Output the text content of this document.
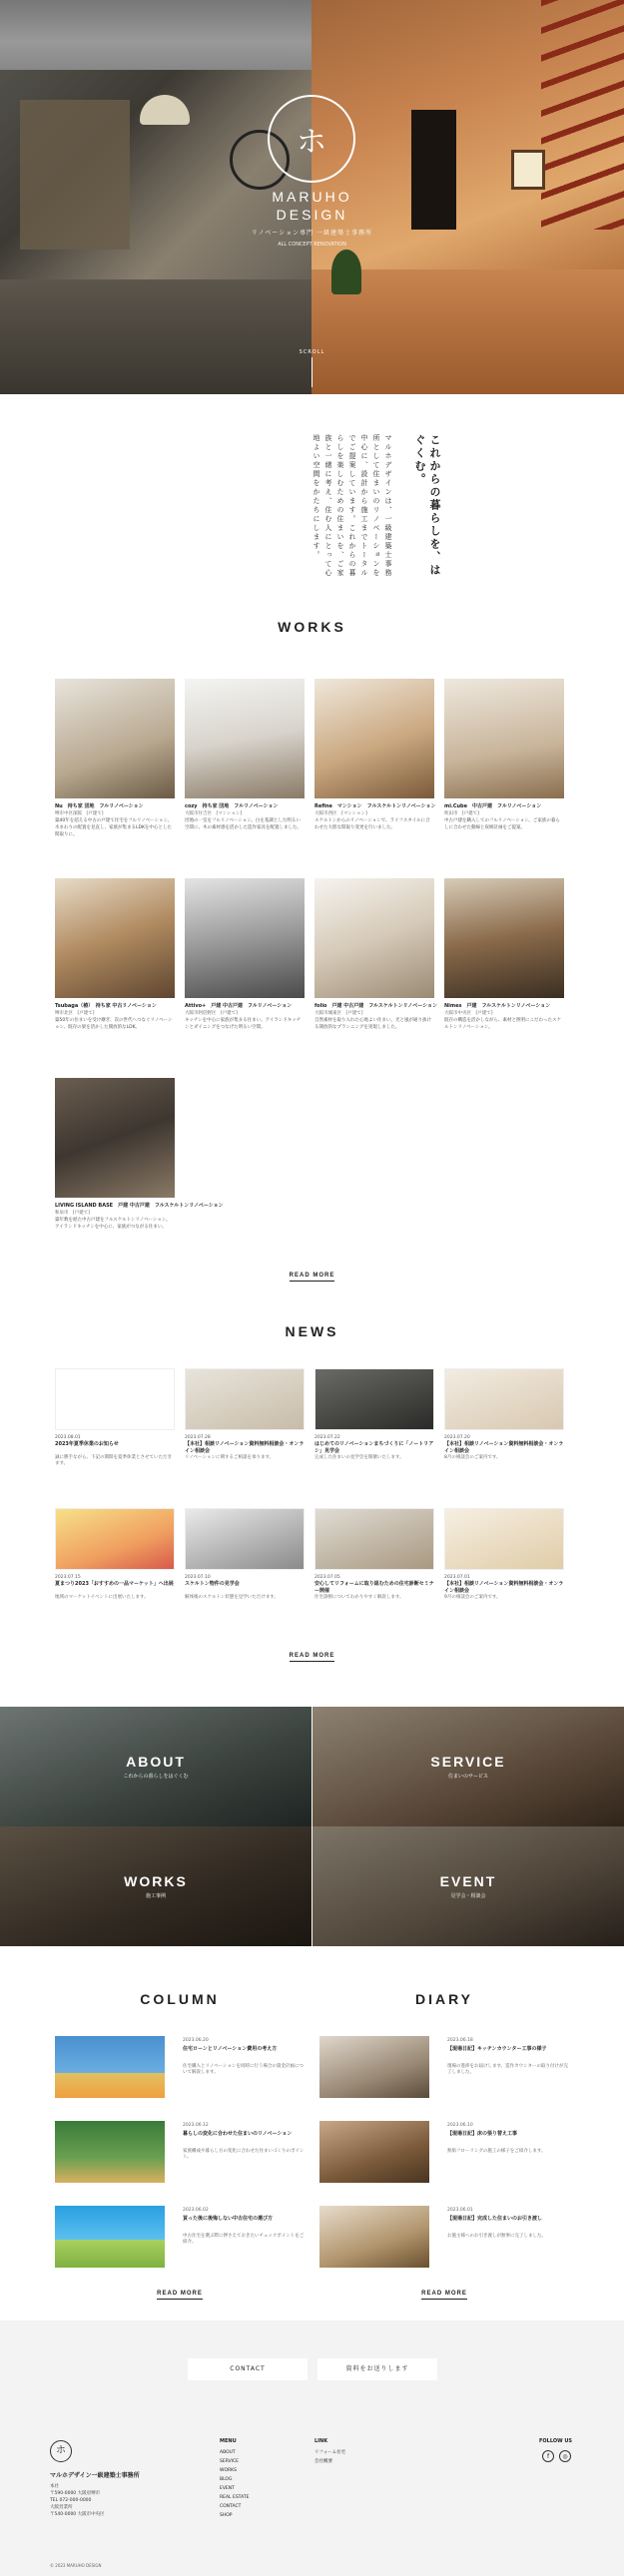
ホ
MARUHO
DESIGN
リノベーション専門 一級建築士事務所
ALL CONCEPT RENOVATION
SCROLL
これからの暮らしを、はぐくむ。
マルホデザインは、一級建築士事務所として住まいのリノベーションを中心に、設計から施工までトータルでご提案しています。これからの暮らしを楽しむための住まいを、ご家族と一緒に考え、住む人にとって心地よい空間をかたちにします。
WORKS
Nu　持ち家 団地　フルリノベーション
堺市中区深阪　[戸建て]
築40年を超える中古の戸建て住宅をフルリノベーション。水まわりの配置を見直し、家族が集まるLDKを中心とした間取りに。
cozy　持ち家 団地　フルリノベーション
大阪市住吉区　[マンション]
団地の一室をフルリノベーション。白を基調とした明るい空間に、木の素材感を活かした造作家具を配置しました。
Refine　マンション　フルスケルトンリノベーション
大阪市西区　[マンション]
スケルトンからのリノベーションで、ライフスタイルに合わせた大胆な間取り変更を行いました。
mi.Cube　中古戸建　フルリノベーション
吹田市　[戸建て]
中古戸建を購入してのフルリノベーション。ご家族の暮らしに合わせた動線と収納計画をご提案。
Tsubaga（椿）　持ち家 中古リノベーション
堺市北区　[戸建て]
築50年の住まいを受け継ぎ、次の世代へつなぐリノベーション。既存の梁を活かした開放的なLDK。
Attivo+　戸建 中古戸建　フルリノベーション
大阪市阿倍野区　[戸建て]
キッチンを中心に家族が集まる住まい。アイランドキッチンとダイニングをつなげた明るい空間。
folio　戸建 中古戸建　フルスケルトンリノベーション
大阪市城東区　[戸建て]
自然素材を取り入れた心地よい住まい。光と風が通り抜ける開放的なプランニングを実現しました。
Nimes　戸建　フルスケルトンリノベーション
大阪市中央区　[戸建て]
既存の構造を活かしながら、素材と照明にこだわったスケルトンリノベーション。
LIVING ISLAND BASE　戸建 中古戸建　フルスケルトンリノベーション
和泉市　[戸建て]
築年数を経た中古戸建をフルスケルトンリノベーション。アイランドキッチンを中心に、家族がつながる住まい。
READ MORE
NEWS
2023.08.01
2023年夏季休業のお知らせ
誠に勝手ながら、下記の期間を夏季休業とさせていただきます。
2023.07.28
【本社】相談リノベーション資料無料相談会・オンライン相談会
リノベーションに関するご相談を承ります。
2023.07.22
はじめてのリノベーションまちづくりに「ノートリアシ」見学会
完成した住まいの見学会を開催いたします。
2023.07.20
【本社】相談リノベーション資料無料相談会・オンライン相談会
8月の相談会のご案内です。
2023.07.15
夏まつり2023「おすすめの一品マーケット」へ出展
地域のマーケットイベントに出展いたします。
2023.07.10
スケルトン物件の見学会
解体後のスケルトン状態を見学いただけます。
2023.07.05
安心してリフォームに取り組むための住宅診断セミナー開催
住宅診断についてわかりやすく解説します。
2023.07.01
【本社】相談リノベーション資料無料相談会・オンライン相談会
9月の相談会のご案内です。
READ MORE
ABOUT
これからの暮らしをはぐくむ
SERVICE
住まいのサービス
WORKS
施工事例
EVENT
見学会・相談会
COLUMN	DIARY
2023.06.20
住宅ローンとリノベーション費用の考え方
住宅購入とリノベーションを同時に行う場合の資金計画について解説します。
2023.06.12
暮らしの変化に合わせた住まいのリノベーション
家族構成や暮らし方の変化に合わせた住まいづくりのポイント。
2023.06.02
買った後に後悔しない中古住宅の選び方
中古住宅を選ぶ際に押さえておきたいチェックポイントをご紹介。
2023.06.18
【現場日記】キッチンカウンター工事の様子
現場の進捗をお届けします。造作カウンターの取り付けが完了しました。
2023.06.10
【現場日記】床の張り替え工事
無垢フローリングの施工の様子をご紹介します。
2023.06.01
【現場日記】完成した住まいのお引き渡し
お施主様へのお引き渡しが無事に完了しました。
READ MORE	READ MORE
CONTACT	資料をお送りします
ホ
マルホデザイン一級建築士事務所
本社
〒590-0000 大阪府堺市
TEL 072-000-0000
大阪営業所
〒540-0000 大阪市中央区
MENU
ABOUT
SERVICE
WORKS
BLOG
EVENT
REAL ESTATE
CONTACT
SHOP
LINK
リフォーム住宅
会社概要
FOLLOW US
f	◎
© 2023 MARUHO DESIGN
